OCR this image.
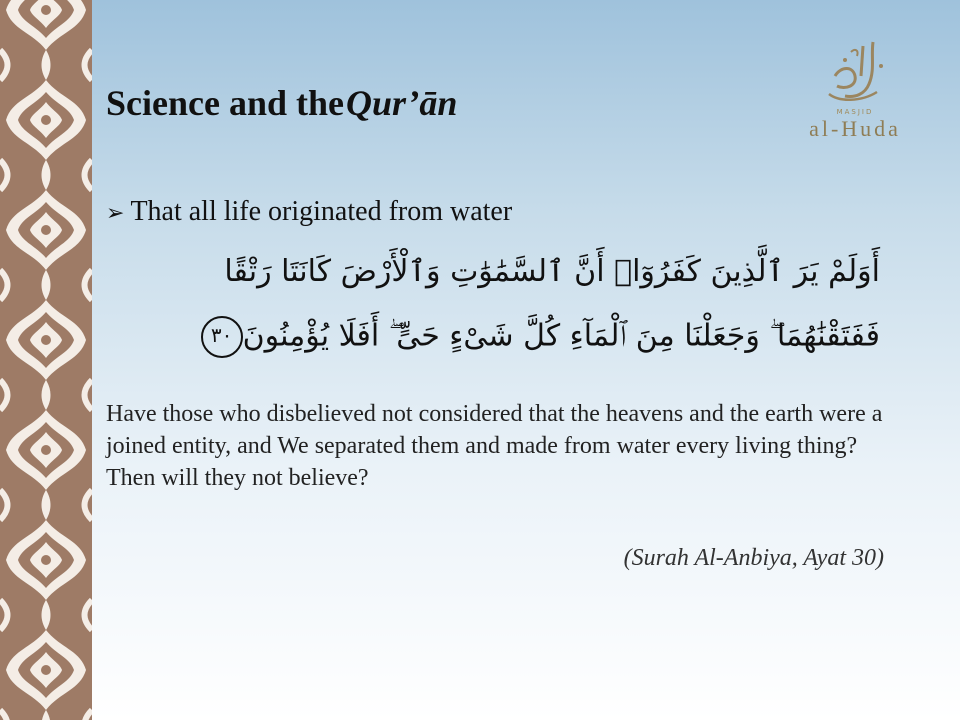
Science and theQur’ān	MASJID
al-Huda
➢ That all life originated from water
أَوَلَمْ يَرَ ٱلَّذِينَ كَفَرُوٓا۟ أَنَّ ٱلسَّمَٰوَٰتِ وَٱلْأَرْضَ كَانَتَا رَتْقًا
فَفَتَقْنَٰهُمَا ۖ وَجَعَلْنَا مِنَ ٱلْمَآءِ كُلَّ شَىْءٍ حَىٍّ ۖ أَفَلَا يُؤْمِنُونَ٣٠

Have those who disbelieved not considered that the heavens and the earth were a joined entity, and We separated them and made from water every living thing? Then will they not believe?

(Surah Al-Anbiya, Ayat 30)
